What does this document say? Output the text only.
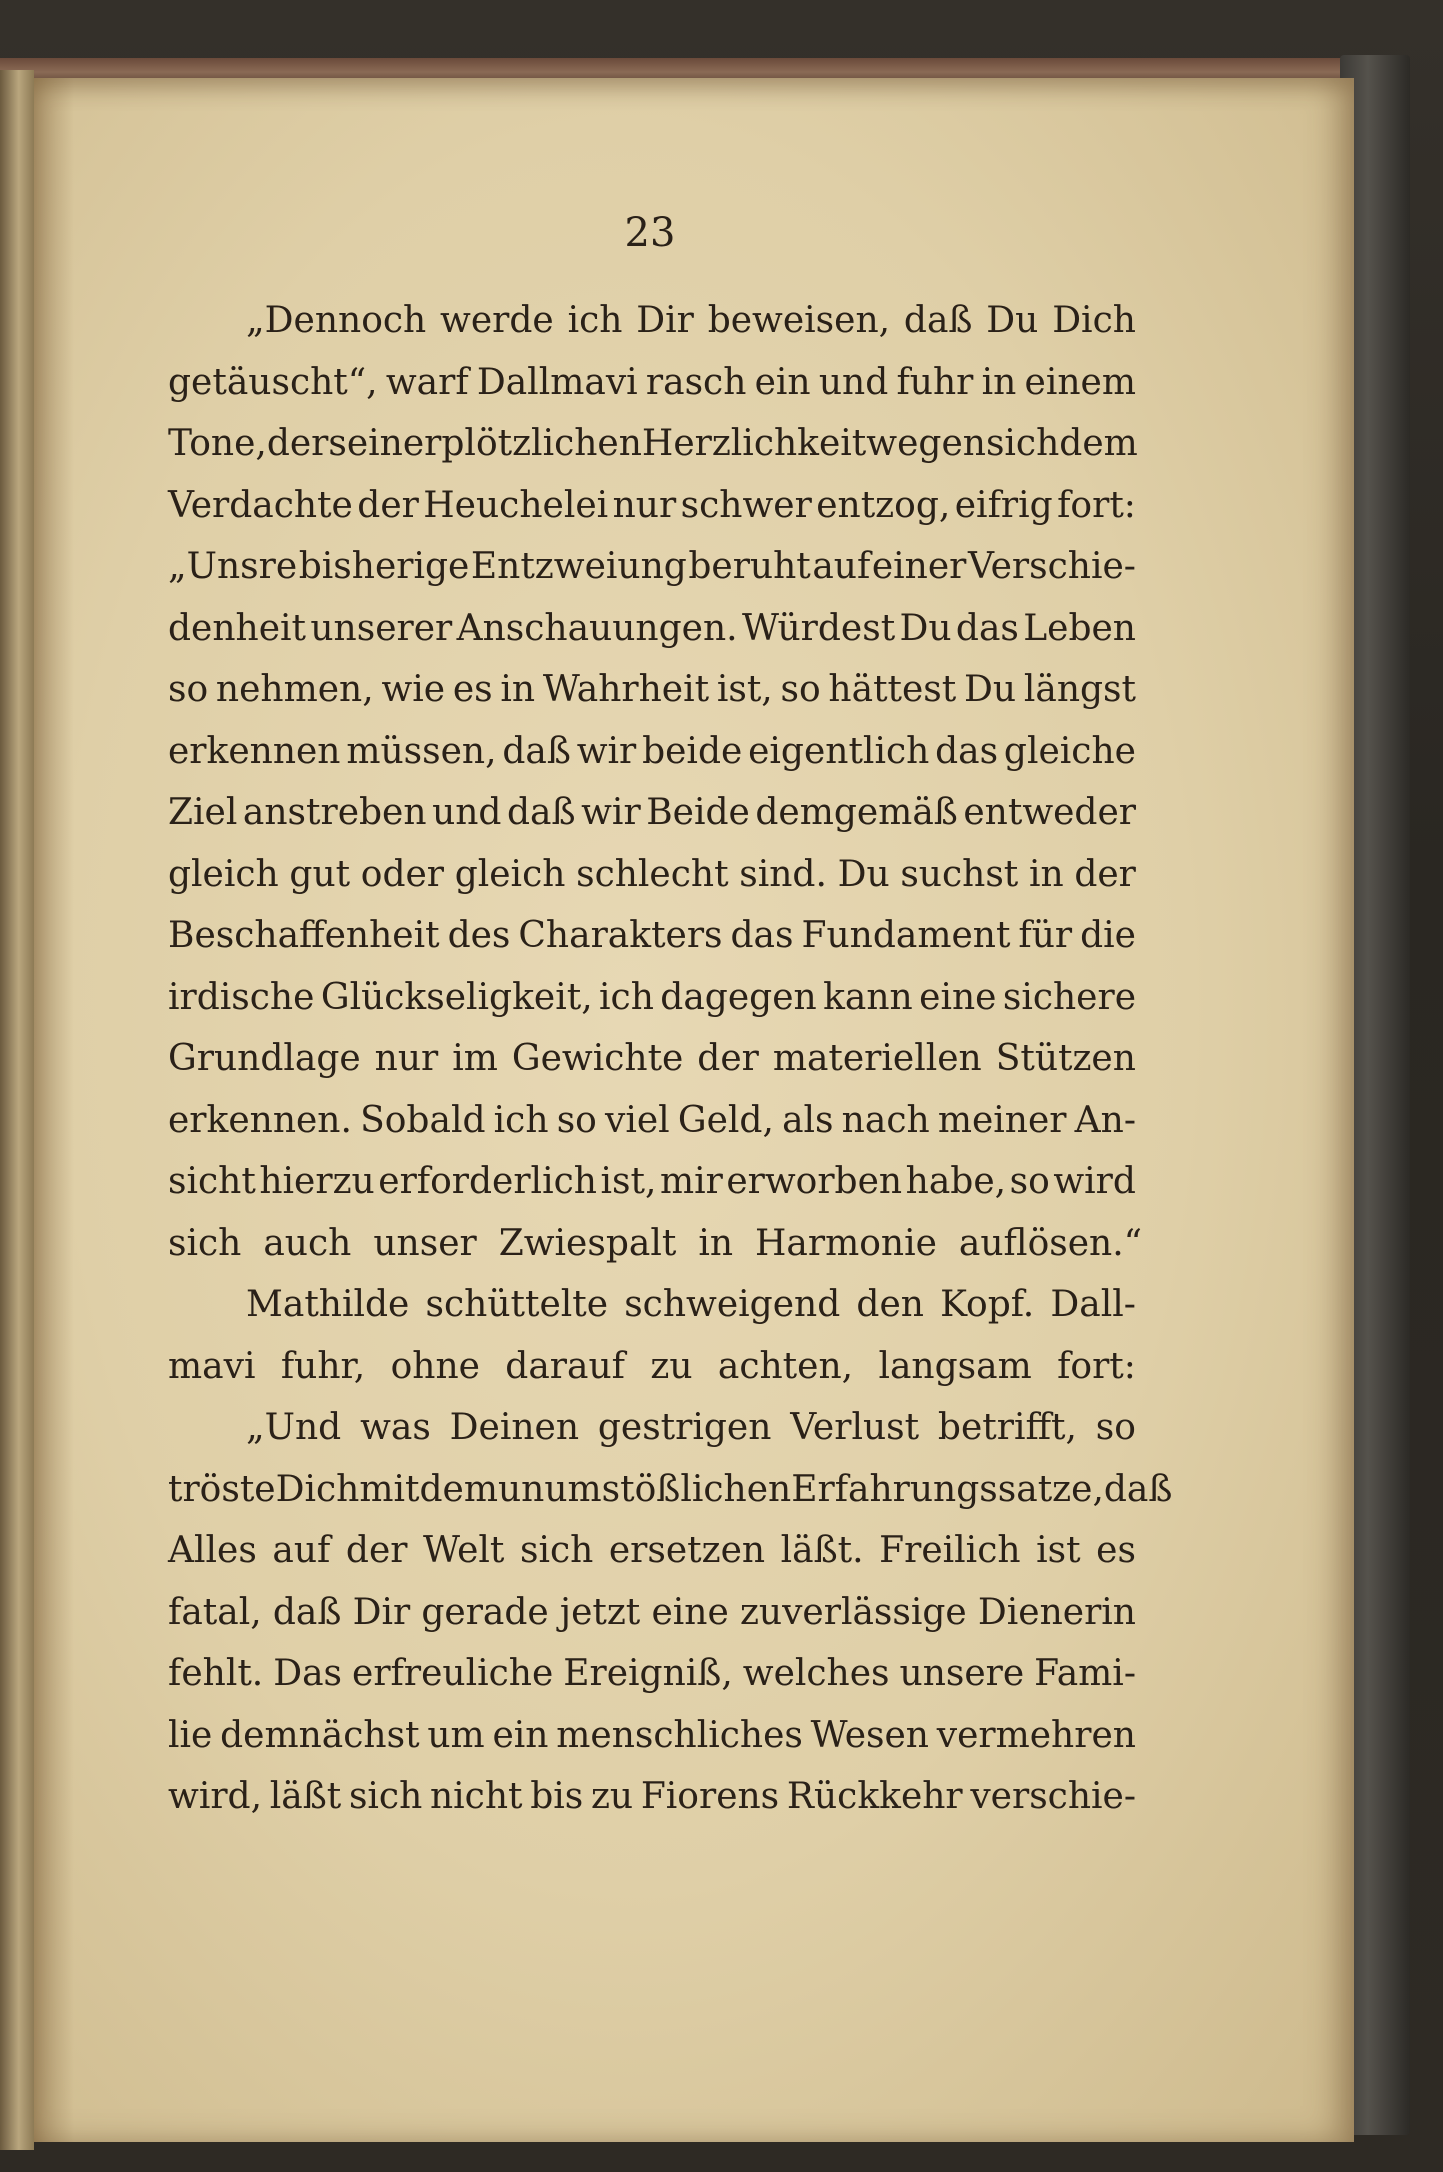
23
„Dennoch werde ich Dir beweisen, daß Du Dich
getäuscht“, warf Dallmavi rasch ein und fuhr in einem
Tone, der seiner plötzlichen Herzlichkeit wegen sich dem
Verdachte der Heuchelei nur schwer entzog, eifrig fort:
„Unsre bisherige Entzweiung beruht auf einer Verschie-
denheit unserer Anschauungen. Würdest Du das Leben
so nehmen, wie es in Wahrheit ist, so hättest Du längst
erkennen müssen, daß wir beide eigentlich das gleiche
Ziel anstreben und daß wir Beide demgemäß entweder
gleich gut oder gleich schlecht sind. Du suchst in der
Beschaffenheit des Charakters das Fundament für die
irdische Glückseligkeit, ich dagegen kann eine sichere
Grundlage nur im Gewichte der materiellen Stützen
erkennen. Sobald ich so viel Geld, als nach meiner An-
sicht hierzu erforderlich ist, mir erworben habe, so wird
sich auch unser Zwiespalt in Harmonie auflösen.“
Mathilde schüttelte schweigend den Kopf. Dall-
mavi fuhr, ohne darauf zu achten, langsam fort:
„Und was Deinen gestrigen Verlust betrifft, so
tröste Dich mit dem unumstößlichen Erfahrungssatze, daß
Alles auf der Welt sich ersetzen läßt. Freilich ist es
fatal, daß Dir gerade jetzt eine zuverlässige Dienerin
fehlt. Das erfreuliche Ereigniß, welches unsere Fami-
lie demnächst um ein menschliches Wesen vermehren
wird, läßt sich nicht bis zu Fiorens Rückkehr verschie-
